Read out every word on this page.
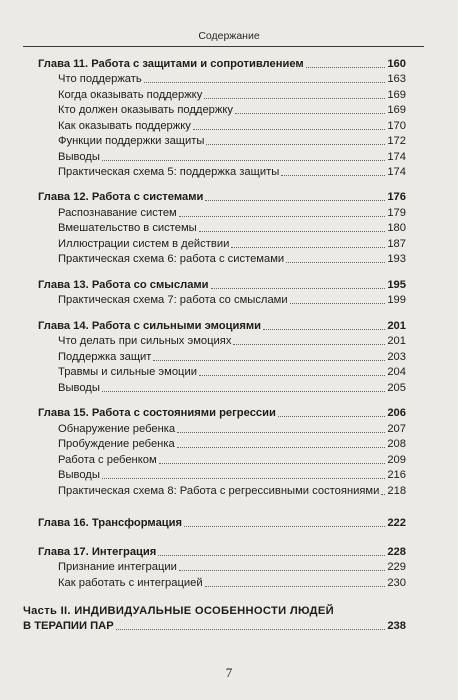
Содержание
Глава 11. Работа с защитами и сопротивлением	160
Что поддержать	163
Когда оказывать поддержку	169
Кто должен оказывать поддержку	169
Как оказывать поддержку	170
Функции поддержки защиты	172
Выводы	174
Практическая схема 5: поддержка защиты	174
Глава 12. Работа с системами	176
Распознавание систем	179
Вмешательство в системы	180
Иллюстрации систем в действии	187
Практическая схема 6: работа с системами	193
Глава 13. Работа со смыслами	195
Практическая схема 7: работа со смыслами	199
Глава 14. Работа с сильными эмоциями	201
Что делать при сильных эмоциях	201
Поддержка защит	203
Травмы и сильные эмоции	204
Выводы	205
Глава 15. Работа с состояниями регрессии	206
Обнаружение ребенка	207
Пробуждение ребенка	208
Работа с ребенком	209
Выводы	216
Практическая схема 8: Работа с регрессивными состояниями 218
Глава 16. Трансформация	222
Глава 17. Интеграция	228
Признание интеграции	229
Как работать с интеграцией	230
Часть II. ИНДИВИДУАЛЬНЫЕ ОСОБЕННОСТИ ЛЮДЕЙ
В ТЕРАПИИ ПАР	238
7
